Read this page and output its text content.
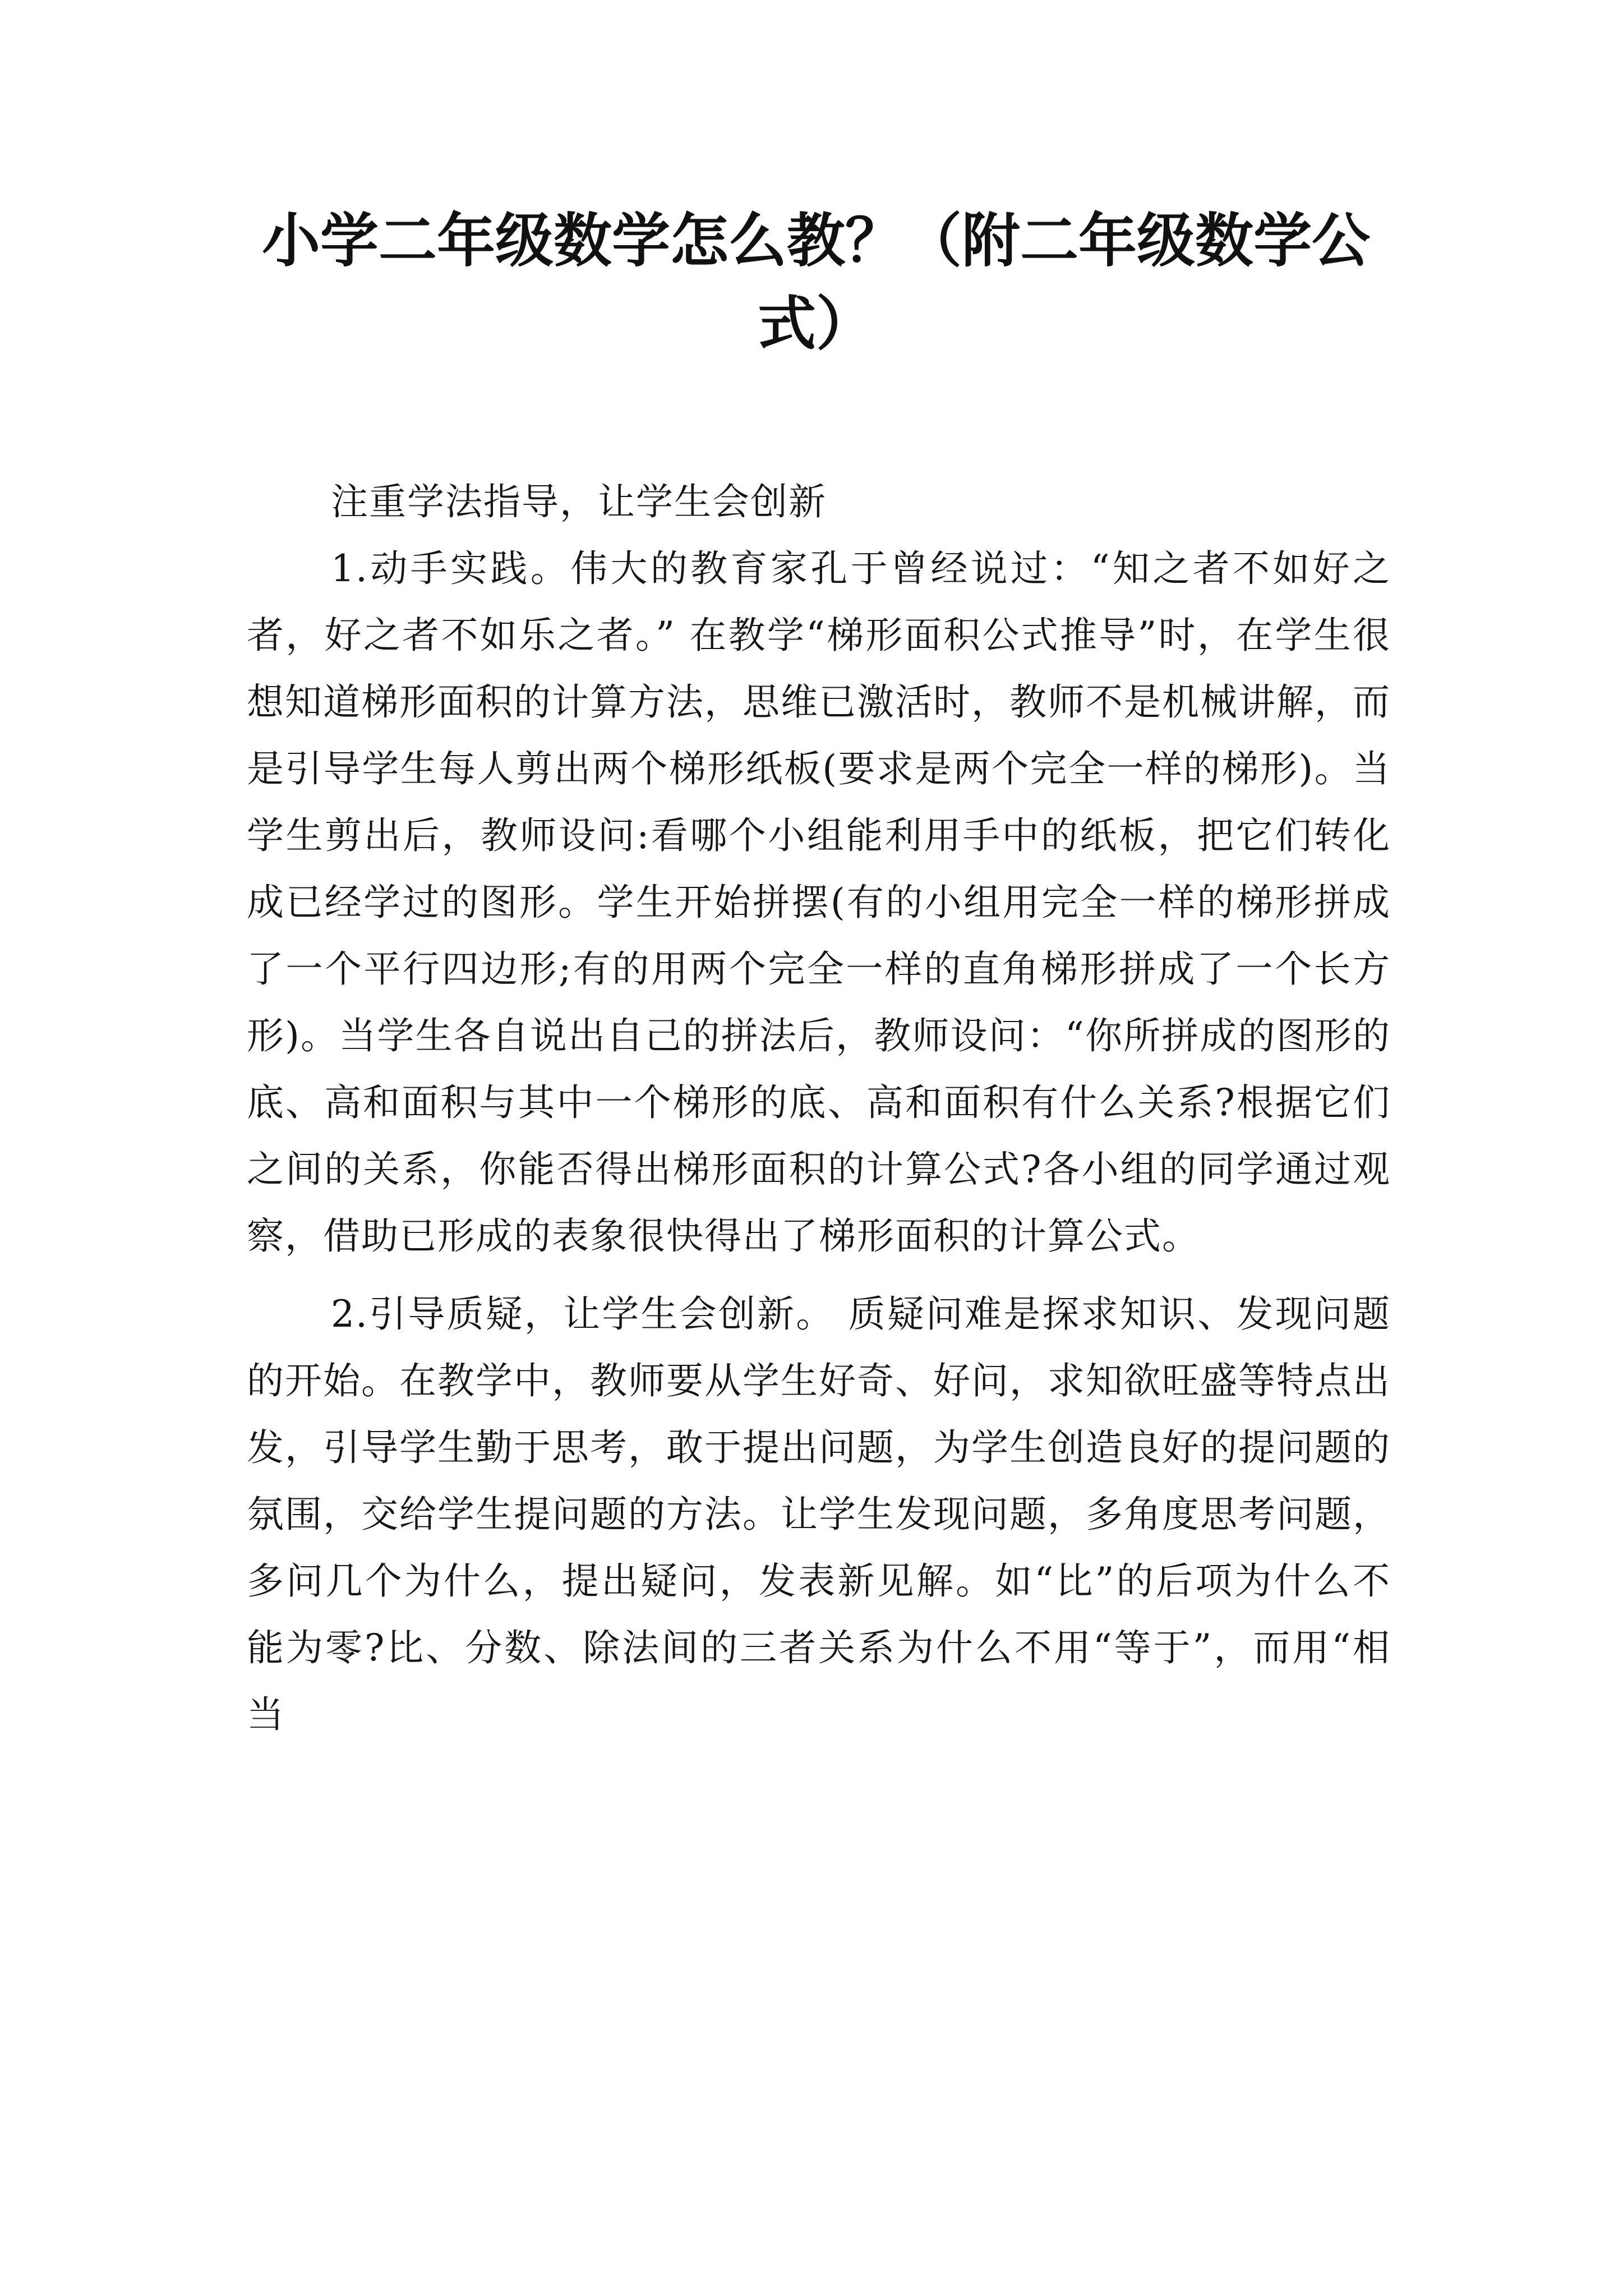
小学二年级数学怎么教？（附二年级数学公式）

注重学法指导，让学生会创新

1.动手实践。伟大的教育家孔于曾经说过：“知之者不如好之者，好之者不如乐之者。” 在教学“梯形面积公式推导”时，在学生很想知道梯形面积的计算方法，思维已激活时，教师不是机械讲解，而是引导学生每人剪出两个梯形纸板(要求是两个完全一样的梯形)。当学生剪出后，教师设问:看哪个小组能利用手中的纸板，把它们转化成已经学过的图形。学生开始拼摆(有的小组用完全一样的梯形拼成了一个平行四边形;有的用两个完全一样的直角梯形拼成了一个长方形)。当学生各自说出自己的拼法后，教师设问：“你所拼成的图形的底、高和面积与其中一个梯形的底、高和面积有什么关系?根据它们之间的关系，你能否得出梯形面积的计算公式?各小组的同学通过观察，借助已形成的表象很快得出了梯形面积的计算公式。

2.引导质疑，让学生会创新。 质疑问难是探求知识、发现问题的开始。在教学中，教师要从学生好奇、好问，求知欲旺盛等特点出发，引导学生勤于思考，敢于提出问题，为学生创造良好的提问题的氛围，交给学生提问题的方法。让学生发现问题，多角度思考问题，多问几个为什么，提出疑问，发表新见解。如“比”的后项为什么不能为零?比、分数、除法间的三者关系为什么不用“等于”，而用“相当
